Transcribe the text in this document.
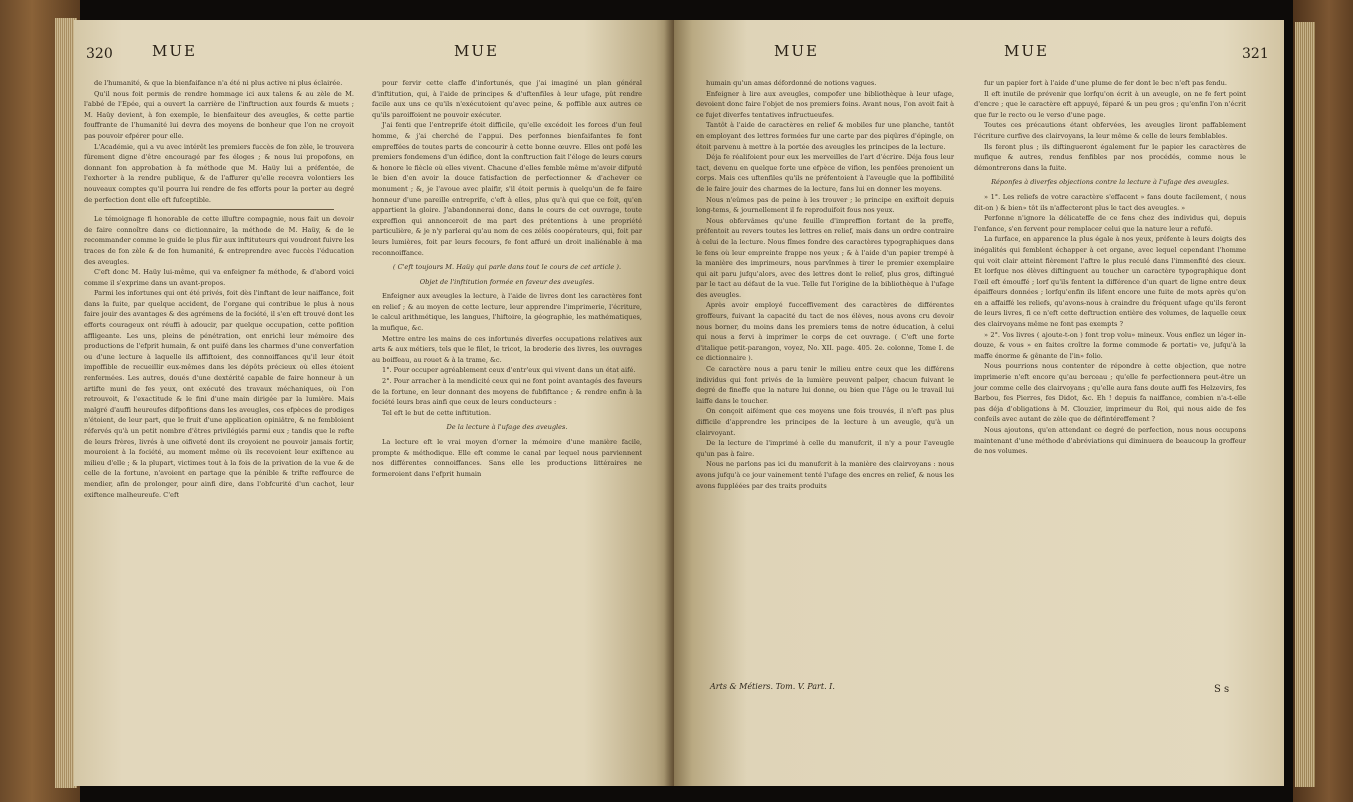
320	MUE	MUE

de l'humanité, & que la bienfaifance n'a été ni plus active ni plus éclairée.

Qu'il nous foit permis de rendre hommage ici aux talens & au zèle de M. l'abbé de l'Epée, qui a ouvert la carrière de l'inftruction aux fourds & muets ; M. Haüy devient, à fon exemple, le bienfaiteur des aveugles, & cette partie fouffrante de l'humanité lui devra des moyens de bonheur que l'on ne croyoit pas pouvoir efpérer pour elle.

L'Académie, qui a vu avec intérêt les premiers fuccès de fon zèle, le trouvera fûrement digne d'être encouragé par fes éloges ; & nous lui propofons, en donnant fon approbation à fa méthode que M. Haüy lui a préfentée, de l'exhorter à la rendre publique, & de l'affurer qu'elle recevra volontiers les nouveaux comptes qu'il pourra lui rendre de fes efforts pour la porter au degré de perfection dont elle eft fufceptible.

Le témoignage fi honorable de cette illuftre compagnie, nous fait un devoir de faire connoître dans ce dictionnaire, la méthode de M. Haüy, & de le recommander comme le guide le plus fûr aux inftituteurs qui voudront fuivre les traces de fon zèle & de fon humanité, & entreprendre avec fuccès l'éducation des aveugles.

C'eft donc M. Haüy lui-même, qui va enfeigner fa méthode, & d'abord voici comme il s'exprime dans un avant-propos.

Parmi les infortunes qui ont été privés, foit dès l'inftant de leur naiffance, foit dans la fuite, par quelque accident, de l'organe qui contribue le plus à nous faire jouir des avantages & des agrémens de la fociété, il s'en eft trouvé dont les efforts courageux ont réuffi à adoucir, par quelque occupation, cette pofition affligeante. Les uns, pleins de pénétration, ont enrichi leur mémoire des productions de l'efprit humain, & ont puifé dans les charmes d'une converfation ou d'une lecture à laquelle ils affiftoient, des connoiffances qu'il leur étoit impoffible de recueillir eux-mêmes dans les dépôts précieux où elles étoient renfermées. Les autres, doués d'une dextérité capable de faire honneur à un artifte muni de fes yeux, ont exécuté des travaux méchaniques, où l'on retrouvoit, & l'exactitude & le fini d'une main dirigée par la lumière. Mais malgré d'auffi heureufes difpofitions dans les aveugles, ces efpèces de prodiges n'étoient, de leur part, que le fruit d'une application opiniâtre, & ne fembloient réfervés qu'à un petit nombre d'êtres privilégiés parmi eux ; tandis que le refte de leurs frères, livrés à une oifiveté dont ils croyoient ne pouvoir jamais fortir, mouroient à la fociété, au moment même où ils recevoient leur exiftence au milieu d'elle ; & la plupart, victimes tout à la fois de la privation de la vue & de celle de la fortune, n'avoient en partage que la pénible & trifte reffource de mendier, afin de prolonger, pour ainfi dire, dans l'obfcurité d'un cachot, leur exiftence malheureufe. C'eft

pour fervir cette claffe d'infortunés, que j'ai imaginé un plan général d'inftitution, qui, à l'aide de principes & d'uftenfiles à leur ufage, pût rendre facile aux uns ce qu'ils n'exécutoient qu'avec peine, & poffible aux autres ce qu'ils paroiffoient ne pouvoir exécuter.

J'ai fenti que l'entreprife étoit difficile, qu'elle excédoit les forces d'un feul homme, & j'ai cherché de l'appui. Des perfonnes bienfaifantes fe font empreffées de toutes parts de concourir à cette bonne œuvre. Elles ont pofé les premiers fondemens d'un édifice, dont la conftruction fait l'éloge de leurs cœurs & honore le fiècle où elles vivent. Chacune d'elles femble même m'avoir difputé le bien d'en avoir la douce fatisfaction de perfectionner & d'achever ce monument ; &, je l'avoue avec plaifir, s'il étoit permis à quelqu'un de fe faire honneur d'une pareille entreprife, c'eft à elles, plus qu'à qui que ce foit, qu'en appartient la gloire. J'abandonnerai donc, dans le cours de cet ouvrage, toute expreffion qui annonceroit de ma part des prétentions à une propriété particulière, & je n'y parlerai qu'au nom de ces zélés coopérateurs, qui, foit par leurs lumières, foit par leurs fecours, fe font affuré un droit inaliénable à ma reconnoiffance.

( C'eft toujours M. Haüy qui parle dans tout le cours de cet article ).

Objet de l'inftitution formée en faveur des aveugles.

Enfeigner aux aveugles la lecture, à l'aide de livres dont les caractères font en relief ; & au moyen de cette lecture, leur apprendre l'imprimerie, l'écriture, le calcul arithmétique, les langues, l'hiftoire, la géographie, les mathématiques, la mufique, &c.

Mettre entre les mains de ces infortunés diverfes occupations relatives aux arts & aux métiers, tels que le filet, le tricot, la broderie des livres, les ouvrages au boiffeau, au rouet & à la trame, &c.

1°. Pour occuper agréablement ceux d'entr'eux qui vivent dans un état aifé.

2°. Pour arracher à la mendicité ceux qui ne font point avantagés des faveurs de la fortune, en leur donnant des moyens de fubfiftance ; & rendre enfin à la fociété leurs bras ainfi que ceux de leurs conducteurs :

Tel eft le but de cette inftitution.

De la lecture à l'ufage des aveugles.

La lecture eft le vrai moyen d'orner la mémoire d'une manière facile, prompte & méthodique. Elle eft comme le canal par lequel nous parviennent nos différentes connoiffances. Sans elle les productions littéraires ne formeroient dans l'efprit humain

MUE	MUE	321

humain qu'un amas défordonné de notions vagues.

Enfeigner à lire aux aveugles, compofer une bibliothèque à leur ufage, devoient donc faire l'objet de nos premiers foins. Avant nous, l'on avoit fait à ce fujet diverfes tentatives infructueufes.

Tantôt à l'aide de caractères en relief & mobiles fur une planche, tantôt en employant des lettres formées fur une carte par des piqûres d'épingle, on étoit parvenu à mettre à la portée des aveugles les principes de la lecture.

Déja fe réalifoient pour eux les merveilles de l'art d'écrire. Déja fous leur tact, devenu en quelque forte une efpèce de vifion, les penfées prenoient un corps. Mais ces uftenfiles qu'ils ne préfentoient à l'aveugle que la poffibilité de le faire jouir des charmes de la lecture, fans lui en donner les moyens.

Nous n'eûmes pas de peine à les trouver ; le principe en exiftoit depuis long-tems, & journellement il fe reproduifoit fous nos yeux.

Nous obfervâmes qu'une feuille d'impreffion fortant de la preffe, préfentoit au revers toutes les lettres en relief, mais dans un ordre contraire à celui de la lecture. Nous fîmes fondre des caractères typographiques dans le fens où leur empreinte frappe nos yeux ; & à l'aide d'un papier trempé à la manière des imprimeurs, nous parvînmes à tirer le premier exemplaire qui ait paru jufqu'alors, avec des lettres dont le relief, plus gros, diftingué par le tact au défaut de la vue. Telle fut l'origine de la bibliothèque à l'ufage des aveugles.

Après avoir employé fucceffivement des caractères de différentes groffeurs, fuivant la capacité du tact de nos élèves, nous avons cru devoir nous borner, du moins dans les premiers tems de notre éducation, à celui qui nous a fervi à imprimer le corps de cet ouvrage. ( C'eft une forte d'italique petit-parangon, voyez, No. XII. page. 405. 2e. colonne, Tome I. de ce dictionnaire ).

Ce caractère nous a paru tenir le milieu entre ceux que les différens individus qui font privés de la lumière peuvent palper, chacun fuivant le degré de fineffe que la nature lui donne, ou bien que l'âge ou le travail lui laiffe dans le toucher.

On conçoit aifément que ces moyens une fois trouvés, il n'eft pas plus difficile d'apprendre les principes de la lecture à un aveugle, qu'à un clairvoyant.

De la lecture de l'imprimé à celle du manufcrit, il n'y a pour l'aveugle qu'un pas à faire.

Nous ne parlons pas ici du manufcrit à la manière des clairvoyans : nous avons jufqu'à ce jour vainement tenté l'ufage des encres en relief, & nous les avons fuppléées par des traits produits

fur un papier fort à l'aide d'une plume de fer dont le bec n'eft pas fendu.

Il eft inutile de prévenir que lorfqu'on écrit à un aveugle, on ne fe fert point d'encre ; que le caractère eft appuyé, féparé & un peu gros ; qu'enfin l'on n'écrit que fur le recto ou le verso d'une page.

Toutes ces précautions étant obfervées, les aveugles liront paffablement l'écriture curfive des clairvoyans, la leur même & celle de leurs femblables.

Ils feront plus ; ils diftingueront également fur le papier les caractères de mufique & autres, rendus fenfibles par nos procédés, comme nous le démontrerons dans la fuite.

Réponfes à diverfes objections contre la lecture à l'ufage des aveugles.

» 1°. Les reliefs de votre caractère s'effacent » fans doute facilement, ( nous dit-on ) & bien» tôt ils n'affecteront plus le tact des aveugles. »

Perfonne n'ignore la délicateffe de ce fens chez des individus qui, depuis l'enfance, s'en fervent pour remplacer celui que la nature leur a refufé.

La furface, en apparence la plus égale à nos yeux, préfente à leurs doigts des inégalités qui femblent échapper à cet organe, avec lequel cependant l'homme qui voit clair atteint fièrement l'aftre le plus reculé dans l'immenfité des cieux. Et lorfque nos élèves diftinguent au toucher un caractère typographique dont l'œil eft émouffé ; lorf qu'ils fentent la différence d'un quart de ligne entre deux épaiffeurs données ; lorfqu'enfin ils lifent encore une fuite de mots après qu'on en a affaiffé les reliefs, qu'avons-nous à craindre du fréquent ufage qu'ils feront de leurs livres, fi ce n'eft cette deftruction entière des volumes, de laquelle ceux des clairvoyans même ne font pas exempts ?

» 2°. Vos livres ( ajoute-t-on ) font trop volu» mineux. Vous enflez un léger in-douze, & vous » en faites croître la forme commode & portati» ve, jufqu'à la maffe énorme & gênante de l'in» folio.

Nous pourrions nous contenter de répondre à cette objection, que notre imprimerie n'eft encore qu'au berceau ; qu'elle fe perfectionnera peut-être un jour comme celle des clairvoyans ; qu'elle aura fans doute auffi fes Helzevirs, fes Barbou, fes Pierres, fes Didot, &c. Eh ! depuis fa naiffance, combien n'a-t-elle pas déja d'obligations à M. Clouzier, imprimeur du Roi, qui nous aide de fes confeils avec autant de zèle que de défintéreffement ?

Nous ajoutons, qu'en attendant ce degré de perfection, nous nous occupons maintenant d'une méthode d'abréviations qui diminuera de beaucoup la groffeur de nos volumes.

Arts & Métiers. Tom. V. Part. I.	S s
